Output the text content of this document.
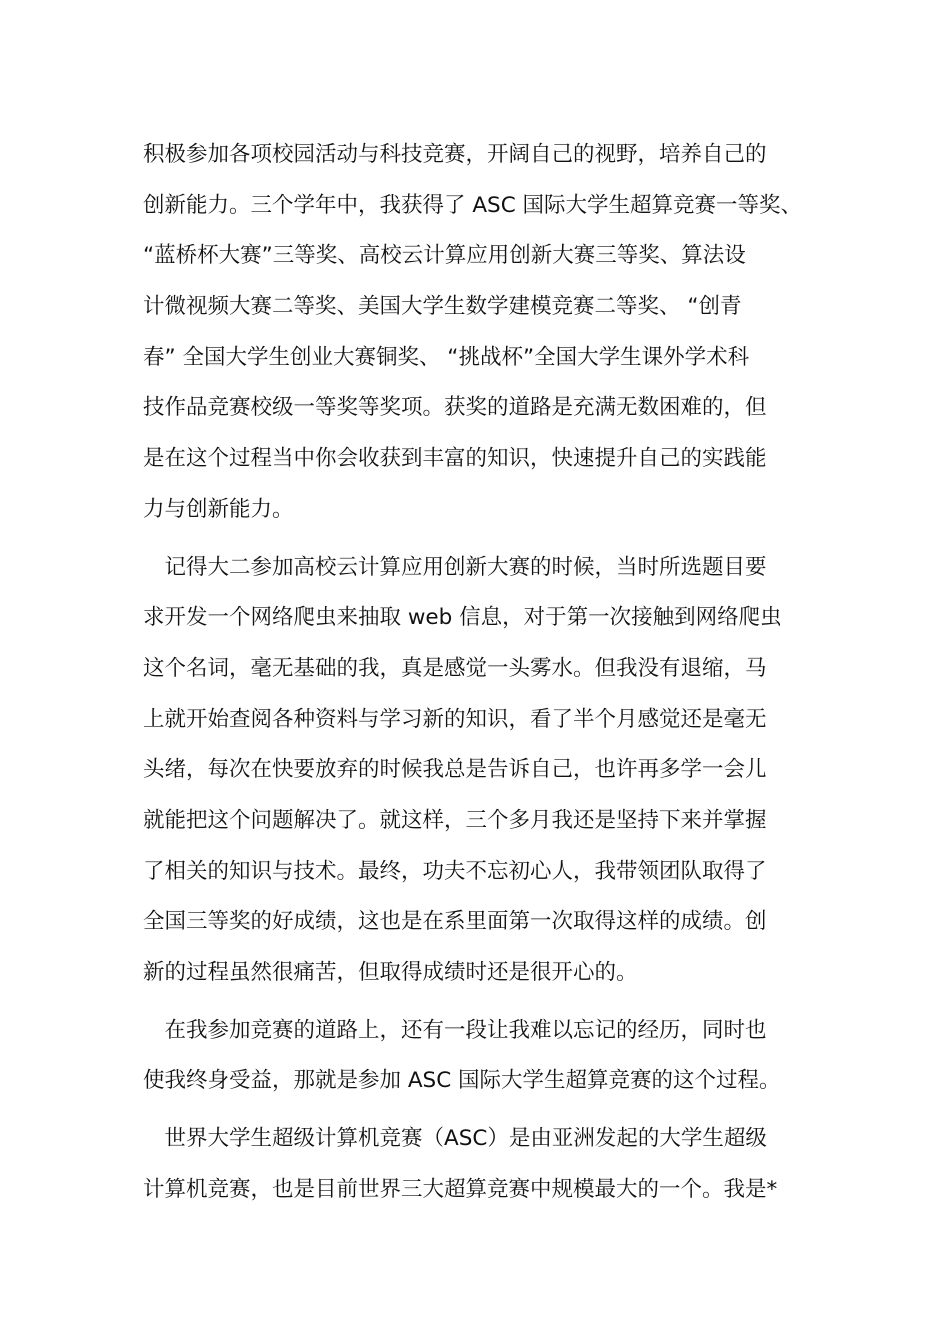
积极参加各项校园活动与科技竞赛，开阔自己的视野，培养自己的
创新能力。三个学年中，我获得了 ASC 国际大学生超算竞赛一等奖、
“蓝桥杯大赛”三等奖、高校云计算应用创新大赛三等奖、算法设
计微视频大赛二等奖、美国大学生数学建模竞赛二等奖、 “创青
春” 全国大学生创业大赛铜奖、 “挑战杯”全国大学生课外学术科
技作品竞赛校级一等奖等奖项。获奖的道路是充满无数困难的，但
是在这个过程当中你会收获到丰富的知识，快速提升自己的实践能
力与创新能力。
　记得大二参加高校云计算应用创新大赛的时候，当时所选题目要
求开发一个网络爬虫来抽取 web 信息，对于第一次接触到网络爬虫
这个名词，毫无基础的我，真是感觉一头雾水。但我没有退缩，马
上就开始查阅各种资料与学习新的知识，看了半个月感觉还是毫无
头绪，每次在快要放弃的时候我总是告诉自己，也许再多学一会儿
就能把这个问题解决了。就这样，三个多月我还是坚持下来并掌握
了相关的知识与技术。最终，功夫不忘初心人，我带领团队取得了
全国三等奖的好成绩，这也是在系里面第一次取得这样的成绩。创
新的过程虽然很痛苦，但取得成绩时还是很开心的。
　在我参加竞赛的道路上，还有一段让我难以忘记的经历，同时也
使我终身受益，那就是参加 ASC 国际大学生超算竞赛的这个过程。
　世界大学生超级计算机竞赛（ASC）是由亚洲发起的大学生超级
计算机竞赛，也是目前世界三大超算竞赛中规模最大的一个。我是*
